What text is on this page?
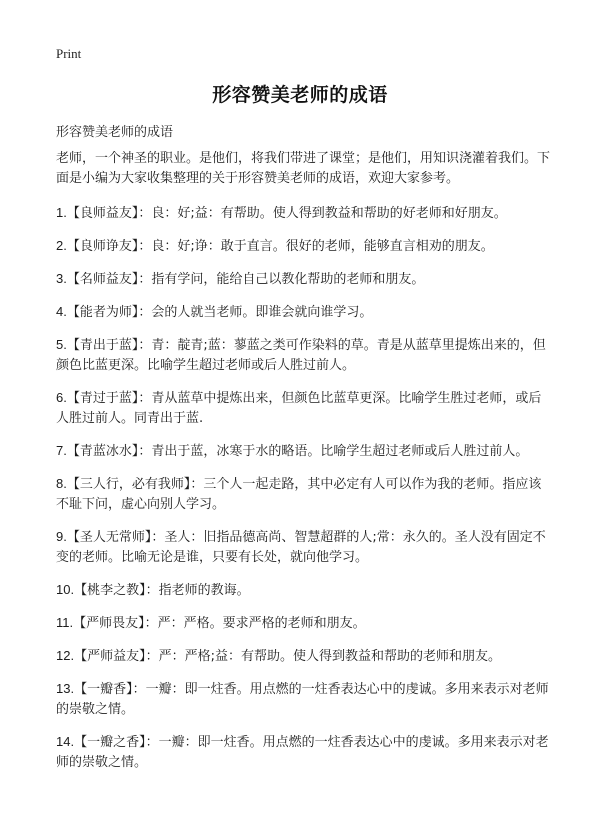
Print
形容赞美老师的成语
形容赞美老师的成语

老师，一个神圣的职业。是他们，将我们带进了课堂；是他们，用知识浇灌着我们。下面是小编为大家收集整理的关于形容赞美老师的成语，欢迎大家参考。

1.【良师益友】：良：好;益：有帮助。使人得到教益和帮助的好老师和好朋友。

2.【良师诤友】：良：好;诤：敢于直言。很好的老师，能够直言相劝的朋友。

3.【名师益友】：指有学问，能给自己以教化帮助的老师和朋友。

4.【能者为师】：会的人就当老师。即谁会就向谁学习。

5.【青出于蓝】：青：靛青;蓝：蓼蓝之类可作染料的草。青是从蓝草里提炼出来的，但颜色比蓝更深。比喻学生超过老师或后人胜过前人。

6.【青过于蓝】：青从蓝草中提炼出来，但颜色比蓝草更深。比喻学生胜过老师，或后人胜过前人。同青出于蓝.

7.【青蓝冰水】：青出于蓝，冰寒于水的略语。比喻学生超过老师或后人胜过前人。

8.【三人行，必有我师】：三个人一起走路，其中必定有人可以作为我的老师。指应该不耻下问，虚心向别人学习。

9.【圣人无常师】：圣人：旧指品德高尚、智慧超群的人;常：永久的。圣人没有固定不变的老师。比喻无论是谁，只要有长处，就向他学习。

10.【桃李之教】：指老师的教诲。

11.【严师畏友】：严：严格。要求严格的老师和朋友。

12.【严师益友】：严：严格;益：有帮助。使人得到教益和帮助的老师和朋友。

13.【一瓣香】：一瓣：即一炷香。用点燃的一炷香表达心中的虔诚。多用来表示对老师的崇敬之情。

14.【一瓣之香】：一瓣：即一炷香。用点燃的一炷香表达心中的虔诚。多用来表示对老师的崇敬之情。
